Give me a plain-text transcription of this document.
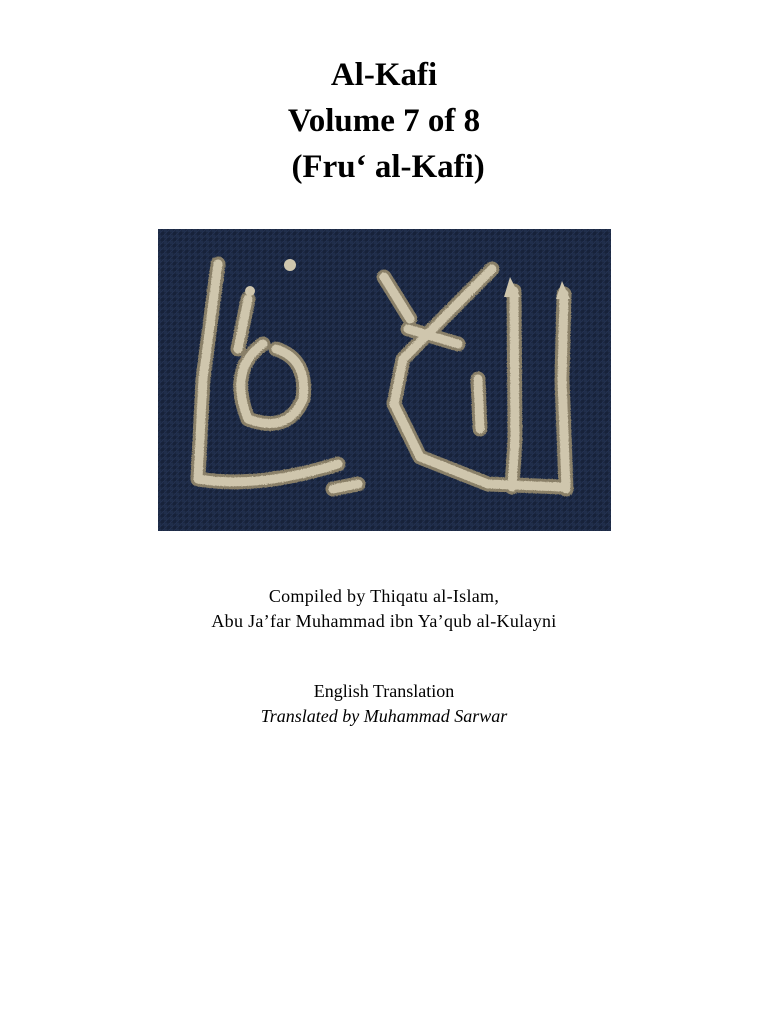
Al-Kafi
Volume 7 of 8
(Fru‘ al-Kafi)
Compiled by Thiqatu al-Islam,
Abu Ja’far Muhammad ibn Ya’qub al-Kulayni
English Translation
Translated by Muhammad Sarwar
